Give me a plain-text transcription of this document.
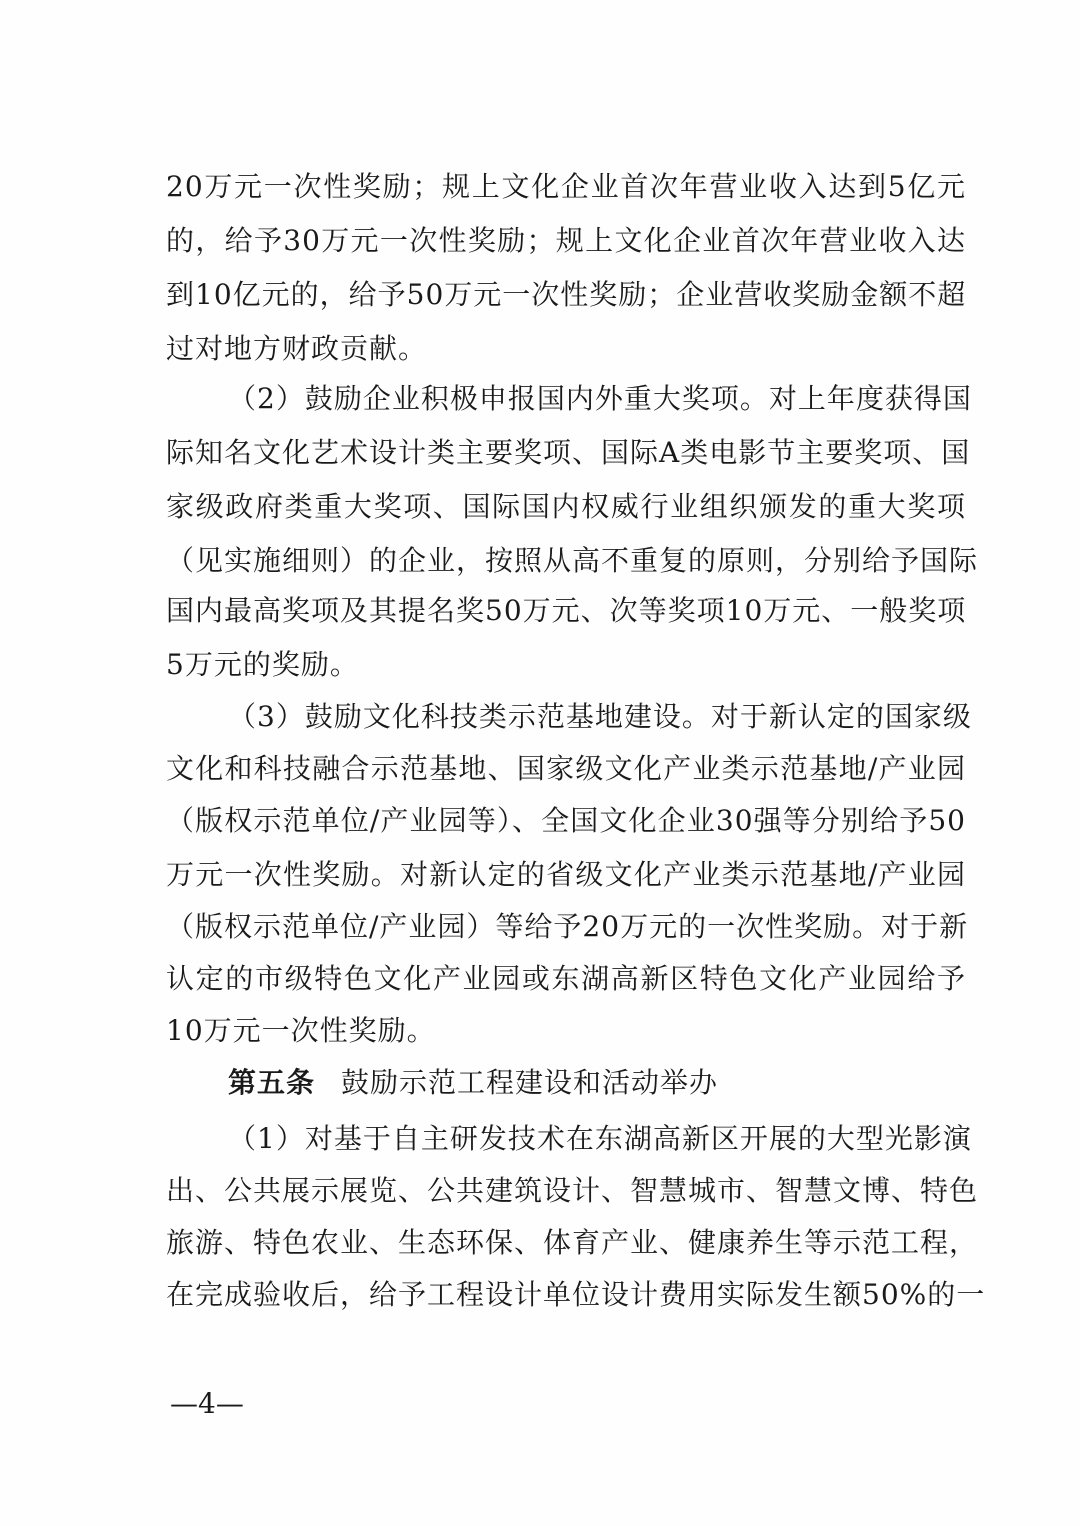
20万元一次性奖励；规上文化企业首次年营业收入达到5亿元
的，给予30万元一次性奖励；规上文化企业首次年营业收入达
到10亿元的，给予50万元一次性奖励；企业营收奖励金额不超
过对地方财政贡献。
（2）鼓励企业积极申报国内外重大奖项。对上年度获得国
际知名文化艺术设计类主要奖项、国际A类电影节主要奖项、国
家级政府类重大奖项、国际国内权威行业组织颁发的重大奖项
（见实施细则）的企业，按照从高不重复的原则，分别给予国际
国内最高奖项及其提名奖50万元、次等奖项10万元、一般奖项
5万元的奖励。
（3）鼓励文化科技类示范基地建设。对于新认定的国家级
文化和科技融合示范基地、国家级文化产业类示范基地/产业园
（版权示范单位/产业园等）、全国文化企业30强等分别给予50
万元一次性奖励。对新认定的省级文化产业类示范基地/产业园
（版权示范单位/产业园）等给予20万元的一次性奖励。对于新
认定的市级特色文化产业园或东湖高新区特色文化产业园给予
10万元一次性奖励。
第五条 鼓励示范工程建设和活动举办
（1）对基于自主研发技术在东湖高新区开展的大型光影演
出、公共展示展览、公共建筑设计、智慧城市、智慧文博、特色
旅游、特色农业、生态环保、体育产业、健康养生等示范工程，
在完成验收后，给予工程设计单位设计费用实际发生额50%的一
—4—
